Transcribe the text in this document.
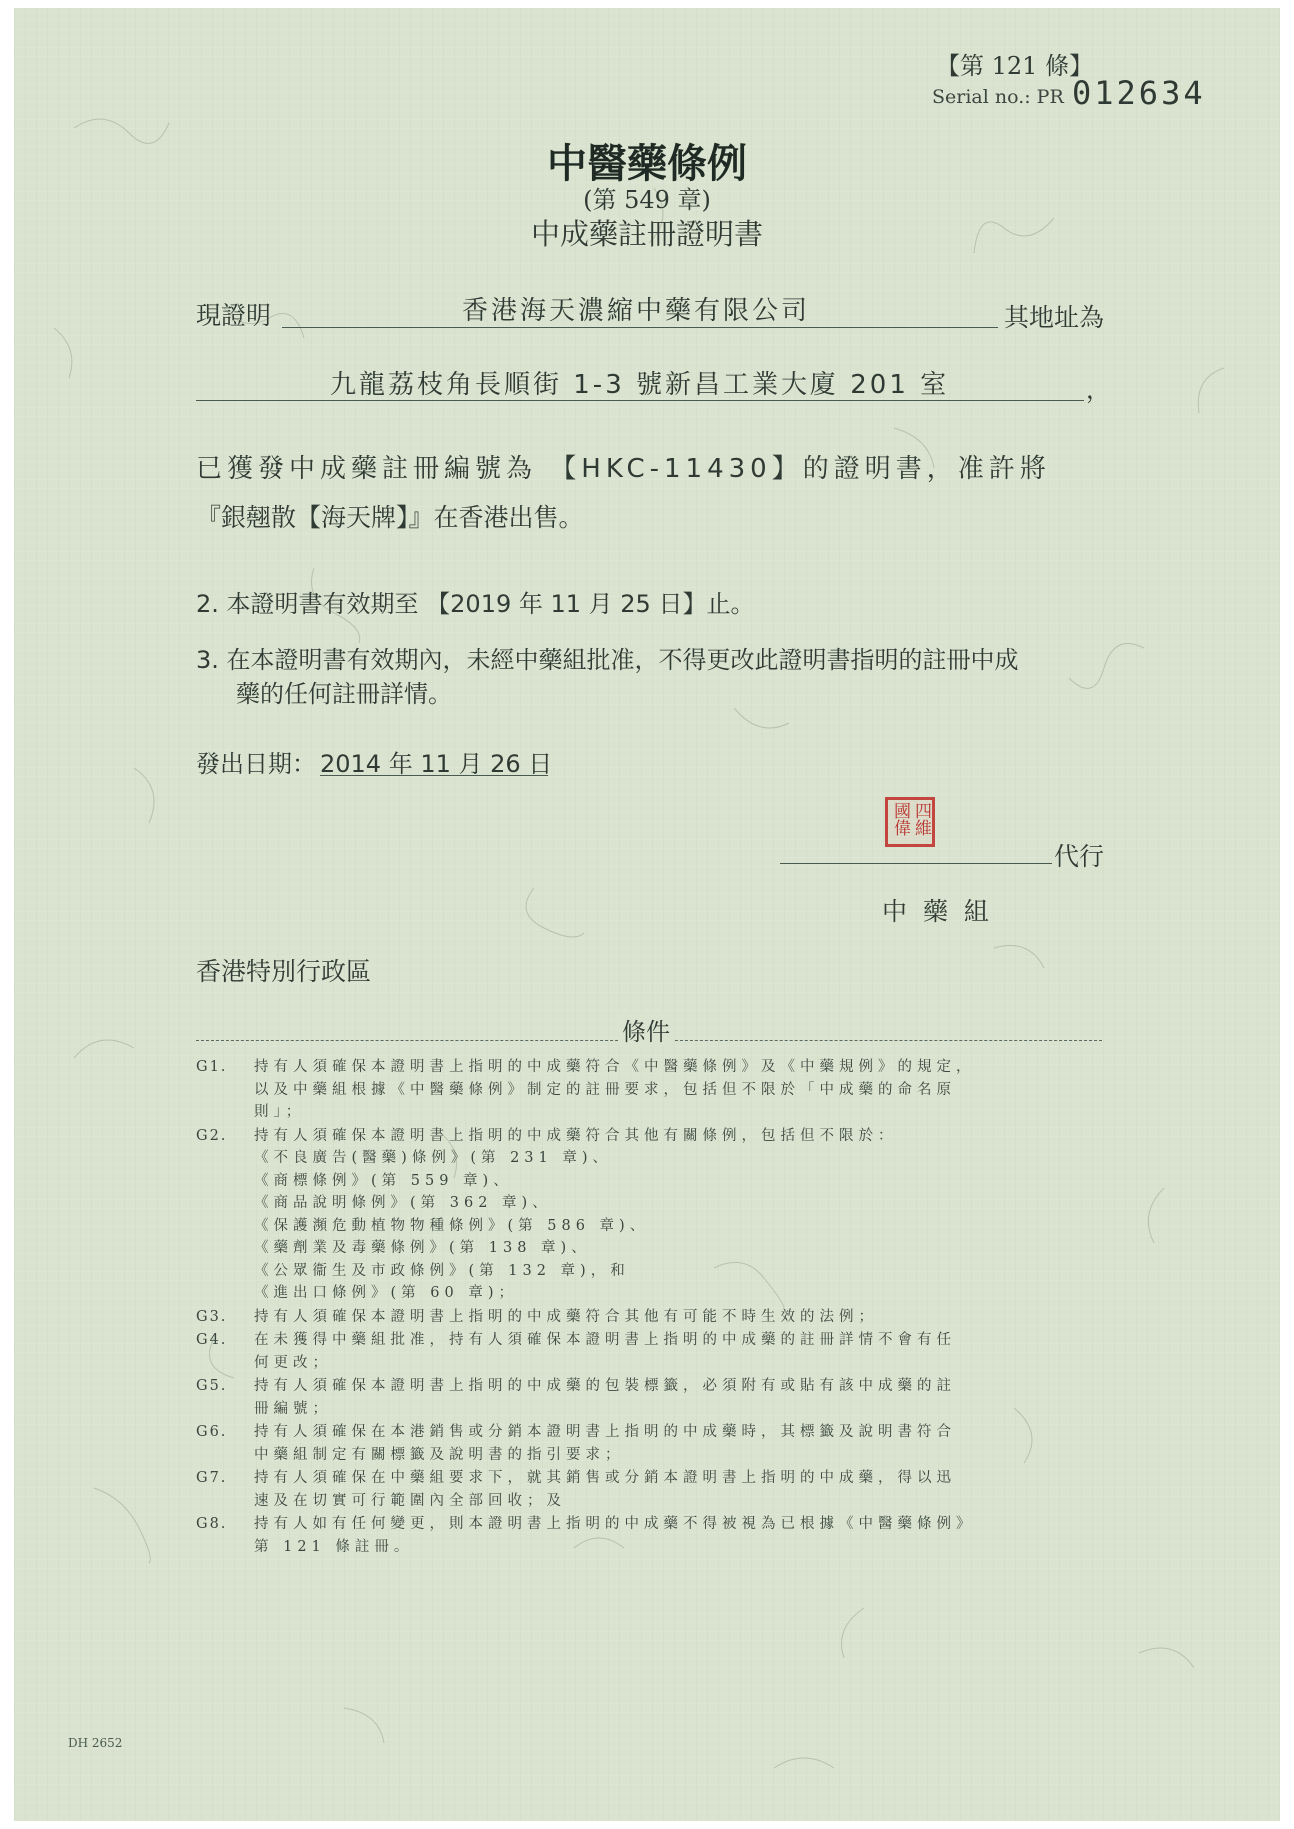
【第 121 條】
Serial no.: PR 012634
中醫藥條例
(第 549 章)
中成藥註冊證明書
現證明	香港海天濃縮中藥有限公司	其地址為
九龍荔枝角長順街 1-3 號新昌工業大廈 201 室	，
已獲發中成藥註冊編號為 【HKC-11430】的證明書，准許將
『銀翹散【海天牌】』在香港出售。
2. 本證明書有效期至 【2019 年 11 月 25 日】止。
3. 在本證明書有效期內，未經中藥組批准，不得更改此證明書指明的註冊中成
藥的任何註冊詳情。
發出日期： 2014 年 11 月 26 日
四維
國偉
代行
中 藥 組
香港特別行政區
條件
G1. 持有人須確保本證明書上指明的中成藥符合《中醫藥條例》及《中藥規例》的規定，
以及中藥組根據《中醫藥條例》制定的註冊要求，包括但不限於「中成藥的命名原
則」；
G2. 持有人須確保本證明書上指明的中成藥符合其他有關條例，包括但不限於：
《不良廣告(醫藥)條例》(第 231 章)、
《商標條例》(第 559 章)、
《商品說明條例》(第 362 章)、
《保護瀕危動植物物種條例》(第 586 章)、
《藥劑業及毒藥條例》(第 138 章)、
《公眾衞生及市政條例》(第 132 章)，和
《進出口條例》(第 60 章)；
G3. 持有人須確保本證明書上指明的中成藥符合其他有可能不時生效的法例；
G4. 在未獲得中藥組批准，持有人須確保本證明書上指明的中成藥的註冊詳情不會有任
何更改；
G5. 持有人須確保本證明書上指明的中成藥的包裝標籤，必須附有或貼有該中成藥的註
冊編號；
G6. 持有人須確保在本港銷售或分銷本證明書上指明的中成藥時，其標籤及說明書符合
中藥組制定有關標籤及說明書的指引要求；
G7. 持有人須確保在中藥組要求下，就其銷售或分銷本證明書上指明的中成藥，得以迅
速及在切實可行範圍內全部回收；及
G8. 持有人如有任何變更，則本證明書上指明的中成藥不得被視為已根據《中醫藥條例》
第 121 條註冊。
DH 2652
